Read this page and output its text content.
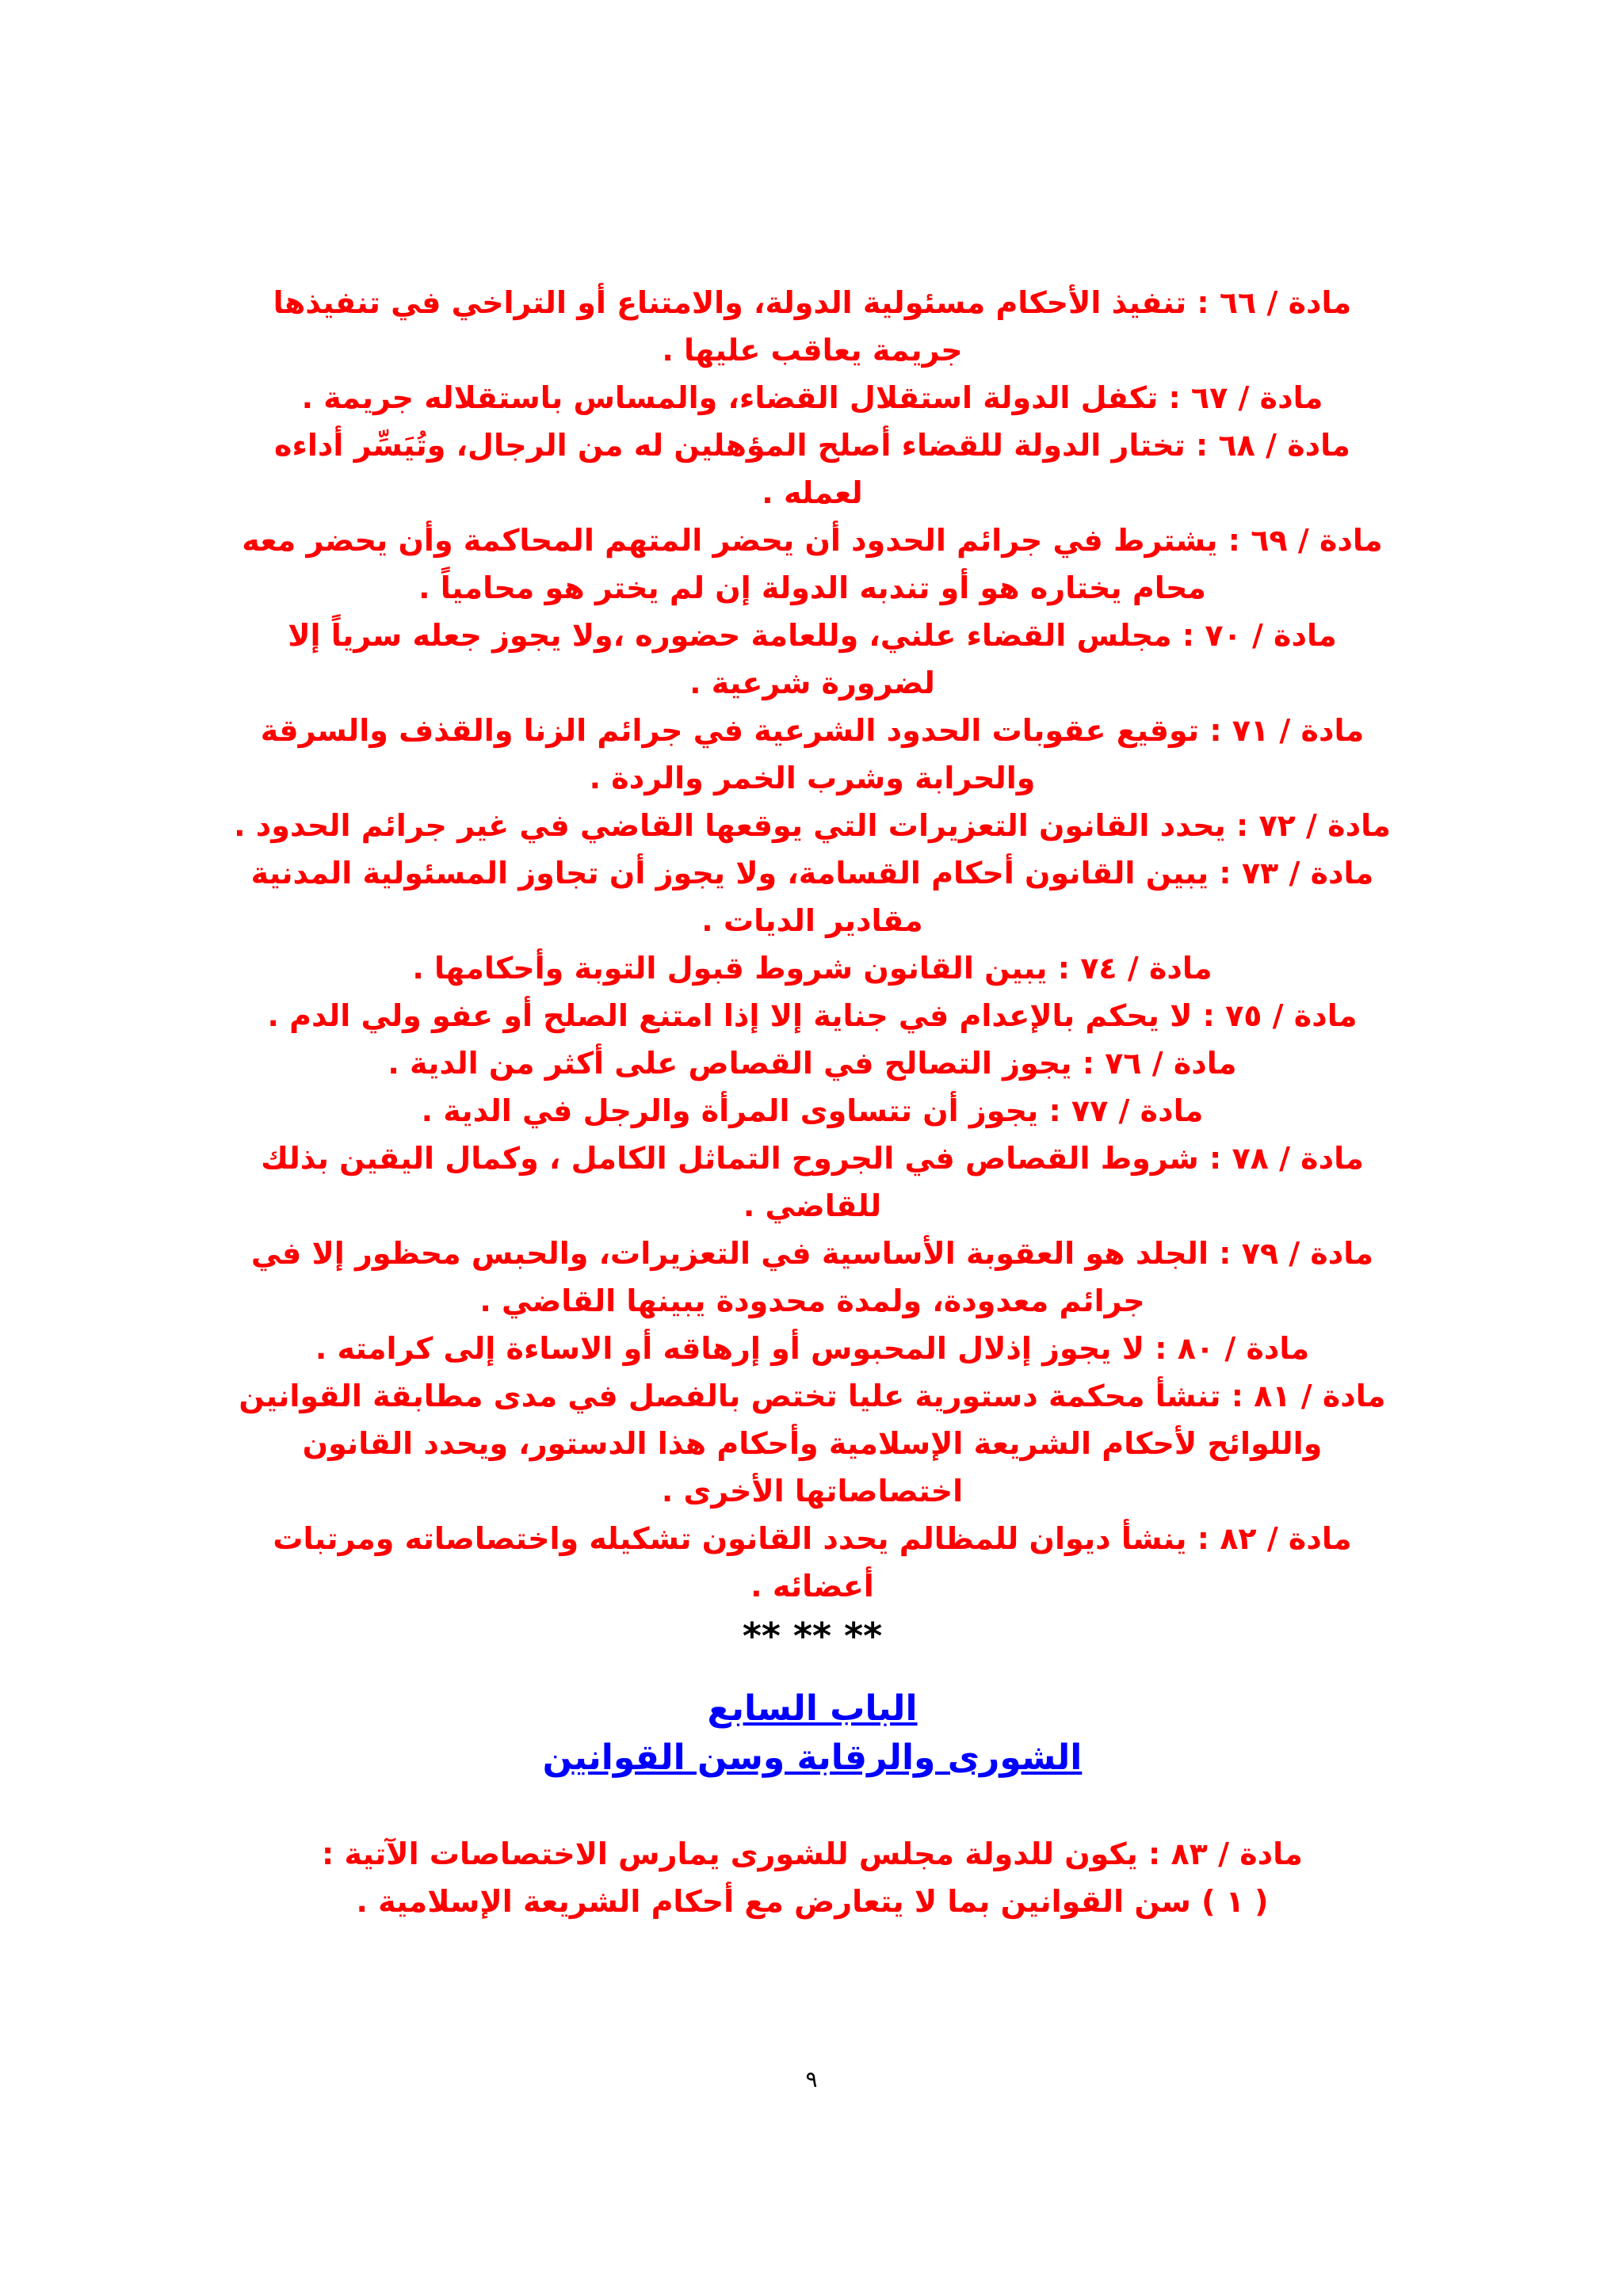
مادة / ٦٦ : تنفيذ الأحكام مسئولية الدولة، والامتناع أو التراخي في تنفيذها جريمة يعاقب عليها .

مادة / ٦٧ : تكفل الدولة استقلال القضاء، والمساس باستقلاله جريمة .

مادة / ٦٨ : تختار الدولة للقضاء أصلح المؤهلين له من الرجال، وتُيَسِّر أداءه لعمله .

مادة / ٦٩ : يشترط في جرائم الحدود أن يحضر المتهم المحاكمة وأن يحضر معه محام يختاره هو أو تندبه الدولة إن لم يختر هو محامياً .

مادة / ٧٠ : مجلس القضاء علني، وللعامة حضوره ،ولا يجوز جعله سرياً إلا لضرورة شرعية .

مادة / ٧١ : توقيع عقوبات الحدود الشرعية في جرائم الزنا والقذف والسرقة والحرابة وشرب الخمر والردة .

مادة / ٧٢ : يحدد القانون التعزيرات التي يوقعها القاضي في غير جرائم الحدود .

مادة / ٧٣ : يبين القانون أحكام القسامة، ولا يجوز أن تجاوز المسئولية المدنية مقادير الديات .

مادة / ٧٤ : يبين القانون شروط قبول التوبة وأحكامها .

مادة / ٧٥ : لا يحكم بالإعدام في جناية إلا إذا امتنع الصلح أو عفو ولي الدم .

مادة / ٧٦ : يجوز التصالح في القصاص على أكثر من الدية .

مادة / ٧٧ : يجوز أن تتساوى المرأة والرجل في الدية .

مادة / ٧٨ : شروط القصاص في الجروح التماثل الكامل ، وكمال اليقين بذلك للقاضي .

مادة / ٧٩ : الجلد هو العقوبة الأساسية في التعزيرات، والحبس محظور إلا في جرائم معدودة، ولمدة محدودة يبينها القاضي .

مادة / ٨٠ : لا يجوز إذلال المحبوس أو إرهاقه أو الاساءة إلى كرامته .

مادة / ٨١ : تنشأ محكمة دستورية عليا تختص بالفصل في مدى مطابقة القوانين واللوائح لأحكام الشريعة الإسلامية وأحكام هذا الدستور، ويحدد القانون اختصاصاتها الأخرى .

مادة / ٨٢ : ينشأ ديوان للمظالم يحدد القانون تشكيله واختصاصاته ومرتبات أعضائه .

** ** **

الباب السابع

الشورى والرقابة وسن القوانين

مادة / ٨٣ : يكون للدولة مجلس للشورى يمارس الاختصاصات الآتية :

( ١ ) سن القوانين بما لا يتعارض مع أحكام الشريعة الإسلامية .

٩
